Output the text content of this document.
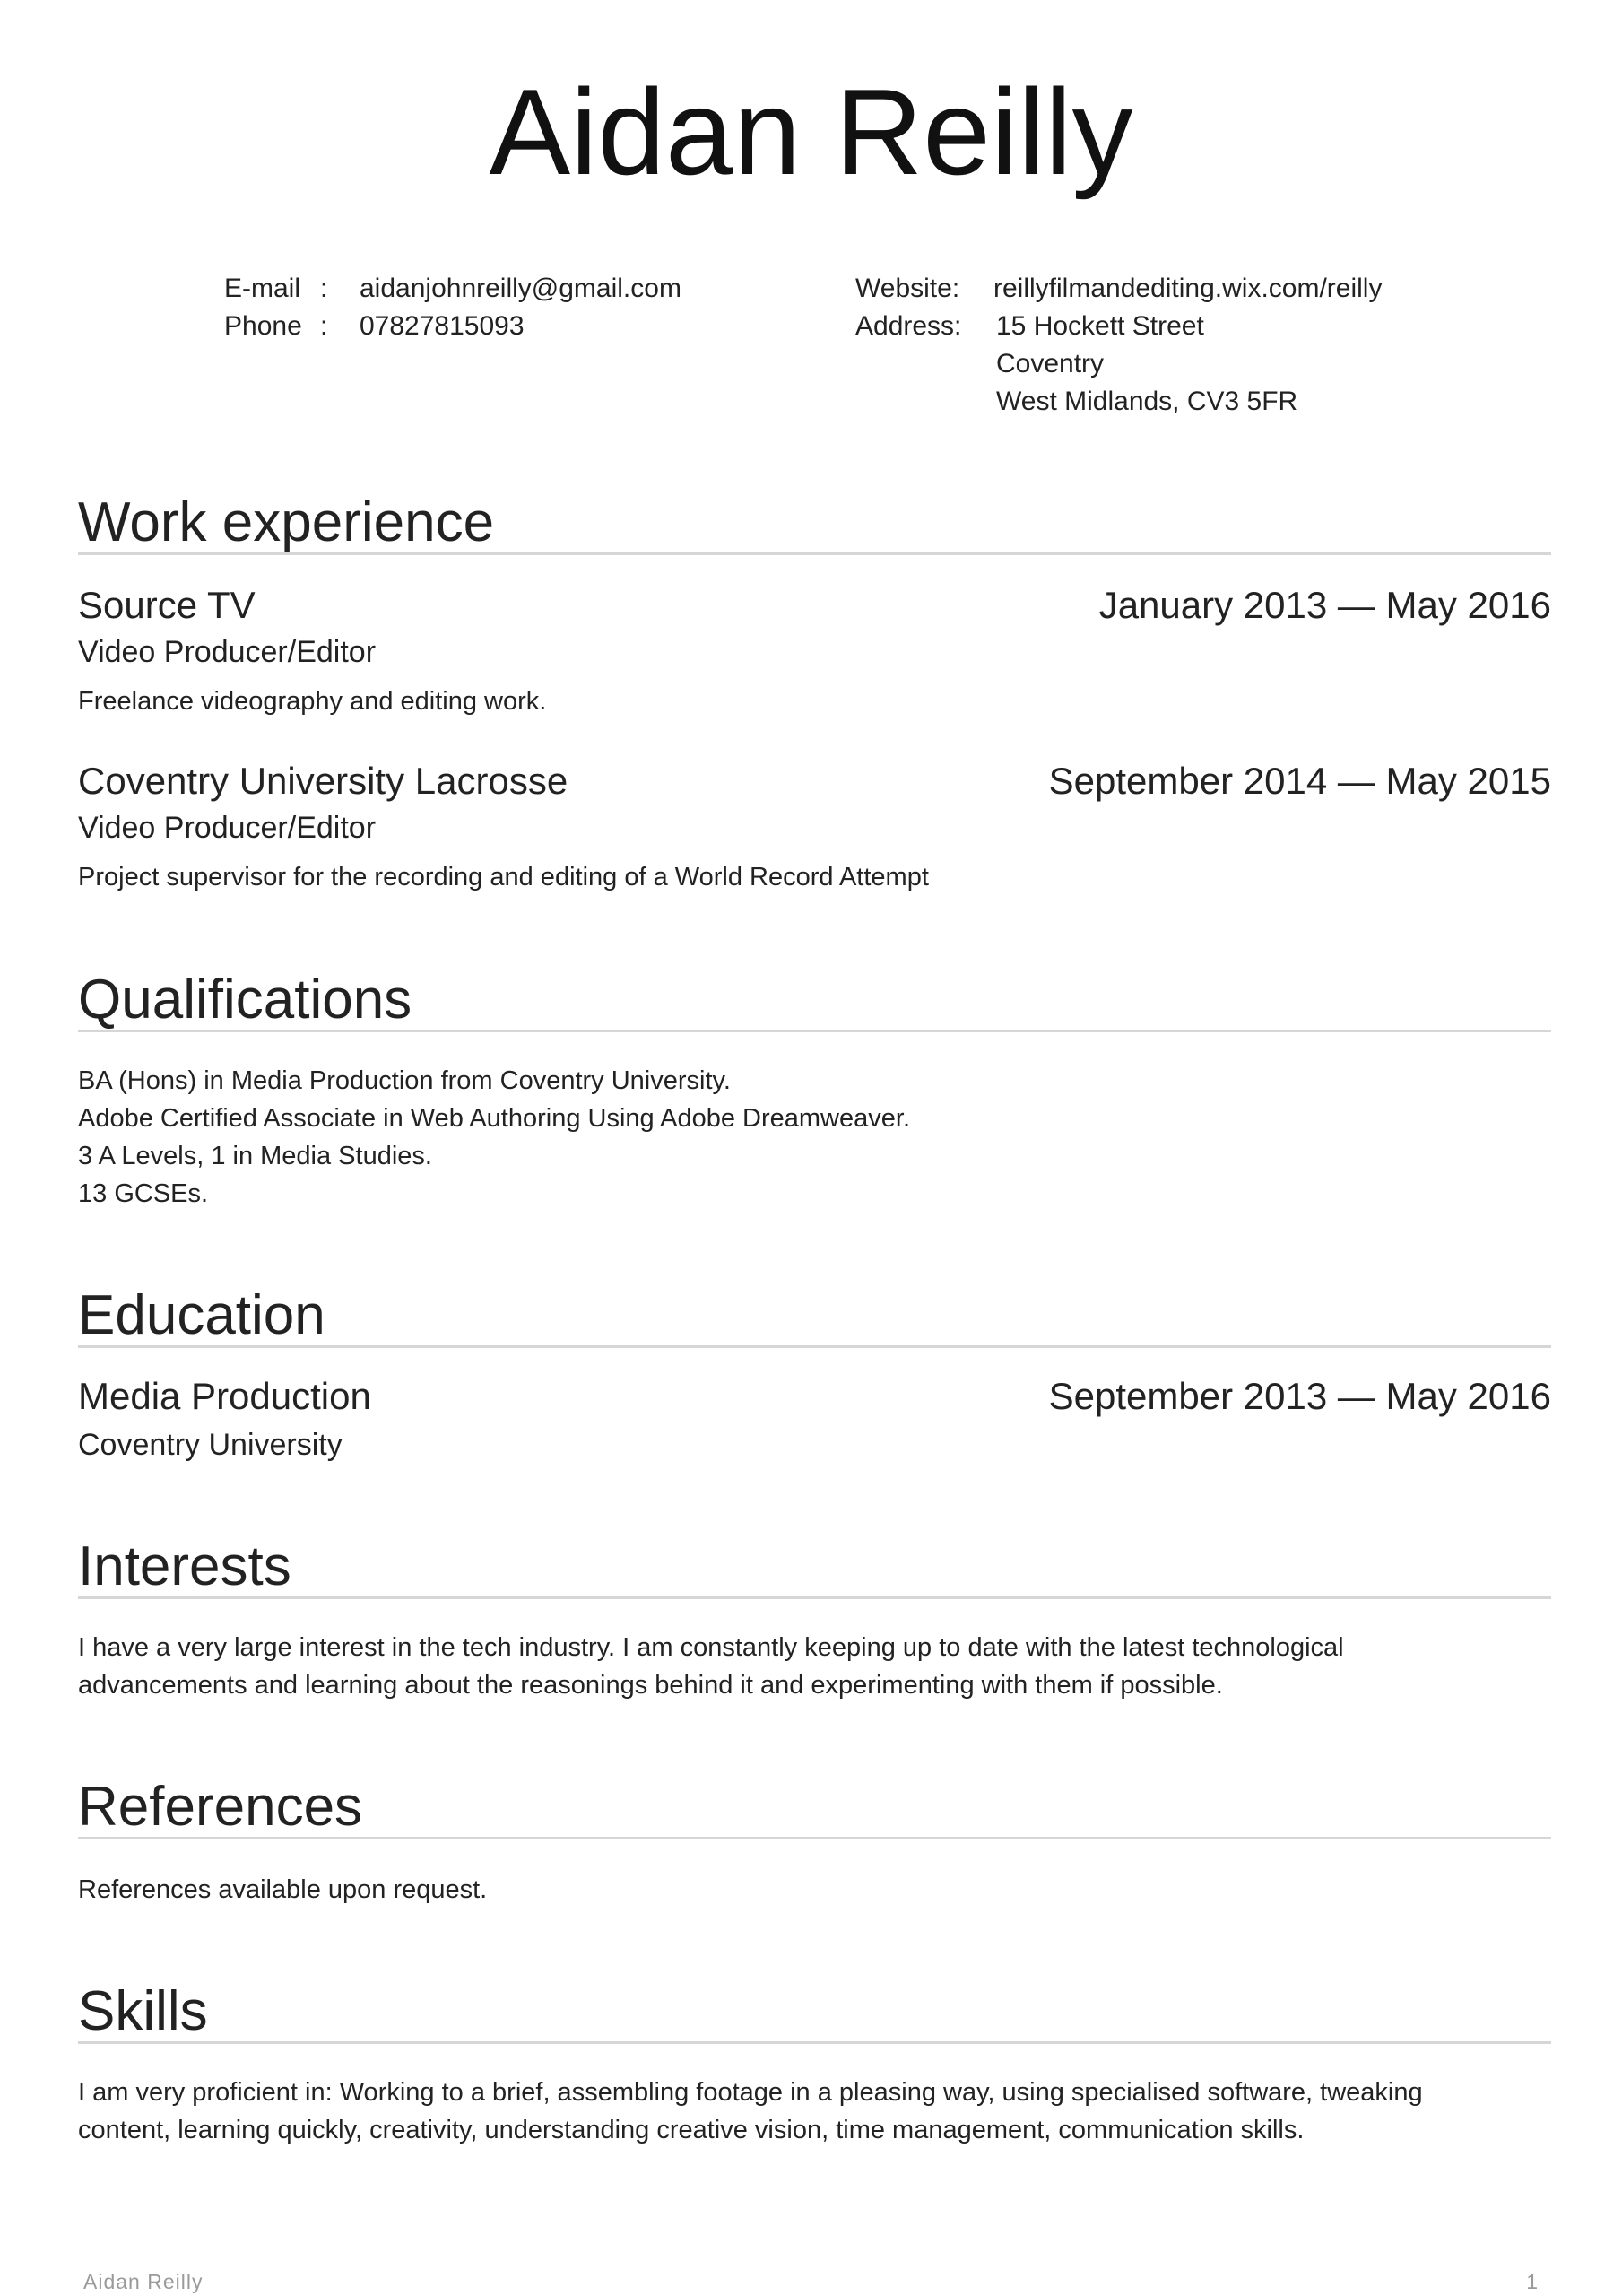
Aidan Reilly
E-mail : aidanjohnreilly@gmail.com
Phone : 07827815093
Website: reillyfilmandediting.wix.com/reilly
Address: 15 Hockett Street
Coventry
West Midlands, CV3 5FR
Work experience
Source TV	January 2013 — May 2016
Video Producer/Editor
Freelance videography and editing work.
Coventry University Lacrosse	September 2014 — May 2015
Video Producer/Editor
Project supervisor for the recording and editing of a World Record Attempt
Qualifications
BA (Hons) in Media Production from Coventry University.
Adobe Certified Associate in Web Authoring Using Adobe Dreamweaver.
3 A Levels, 1 in Media Studies.
13 GCSEs.
Education
Media Production	September 2013 — May 2016
Coventry University
Interests
I have a very large interest in the tech industry. I am constantly keeping up to date with the latest technological
advancements and learning about the reasonings behind it and experimenting with them if possible.
References
References available upon request.
Skills
I am very proficient in: Working to a brief, assembling footage in a pleasing way, using specialised software, tweaking
content, learning quickly, creativity, understanding creative vision, time management, communication skills.
Aidan Reilly	1
